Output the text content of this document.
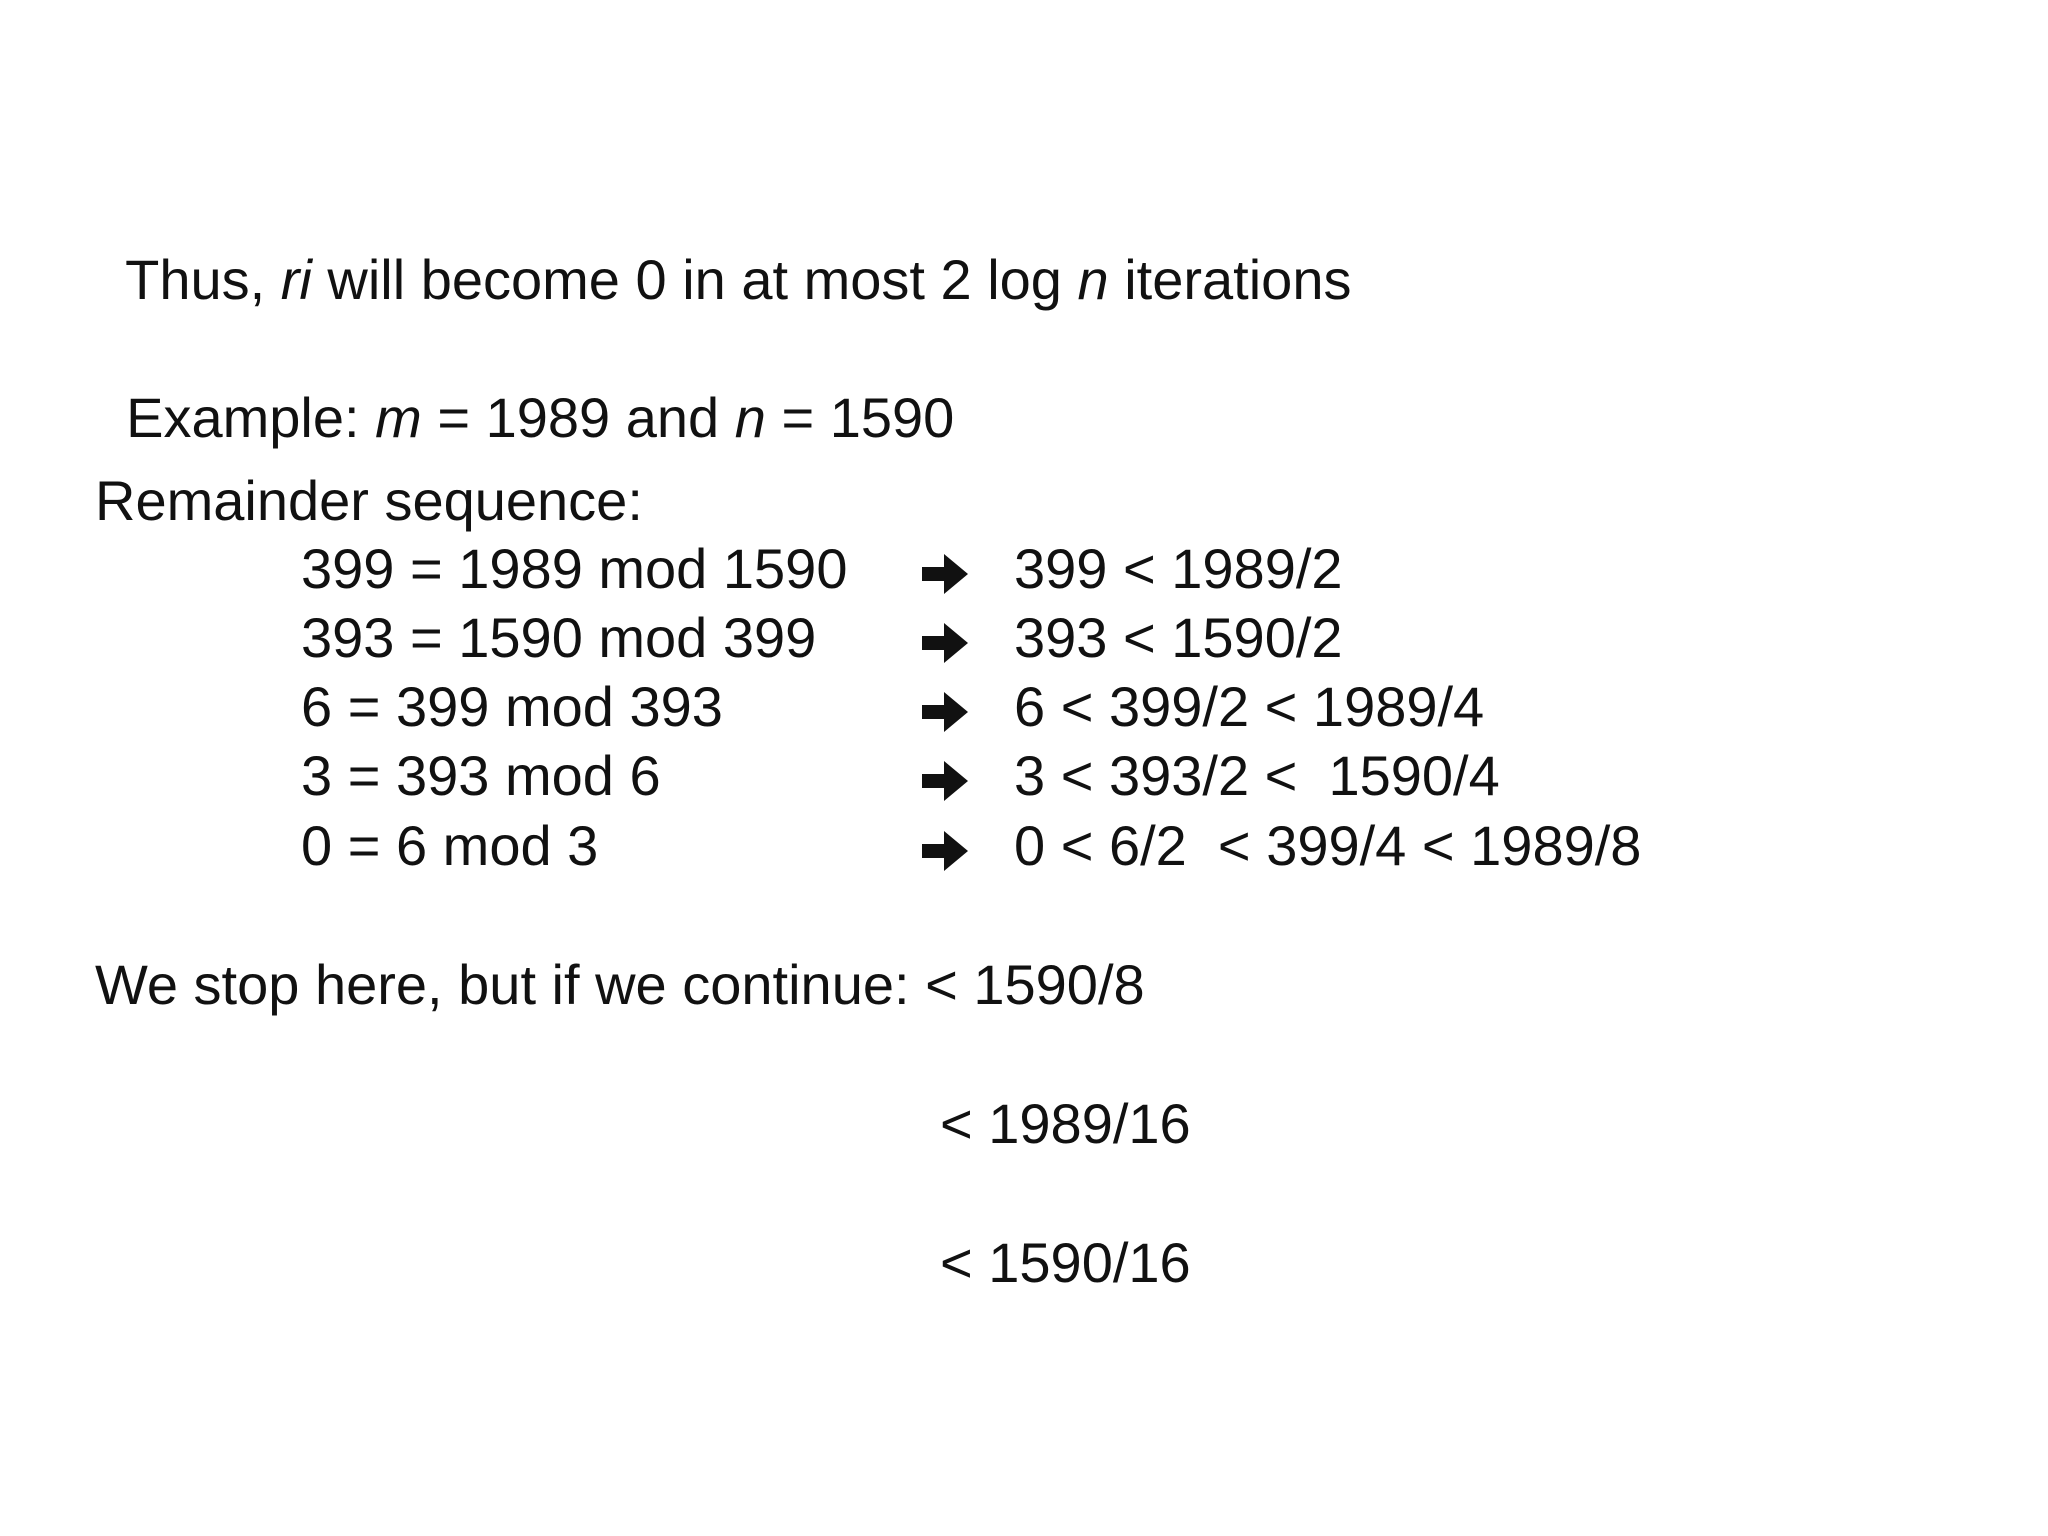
Thus, ri will become 0 in at most 2 log n iterations

Example: m = 1989 and n = 1590

Remainder sequence:
399 = 1989 mod 1590	399 < 1989/2
393 = 1590 mod 399	393 < 1590/2
6 = 399 mod 393	6 < 399/2 < 1989/4
3 = 393 mod 6	3 < 393/2 <  1590/4
0 = 6 mod 3	0 < 6/2  < 399/4 < 1989/8
We stop here, but if we continue: < 1590/8
< 1989/16
< 1590/16
